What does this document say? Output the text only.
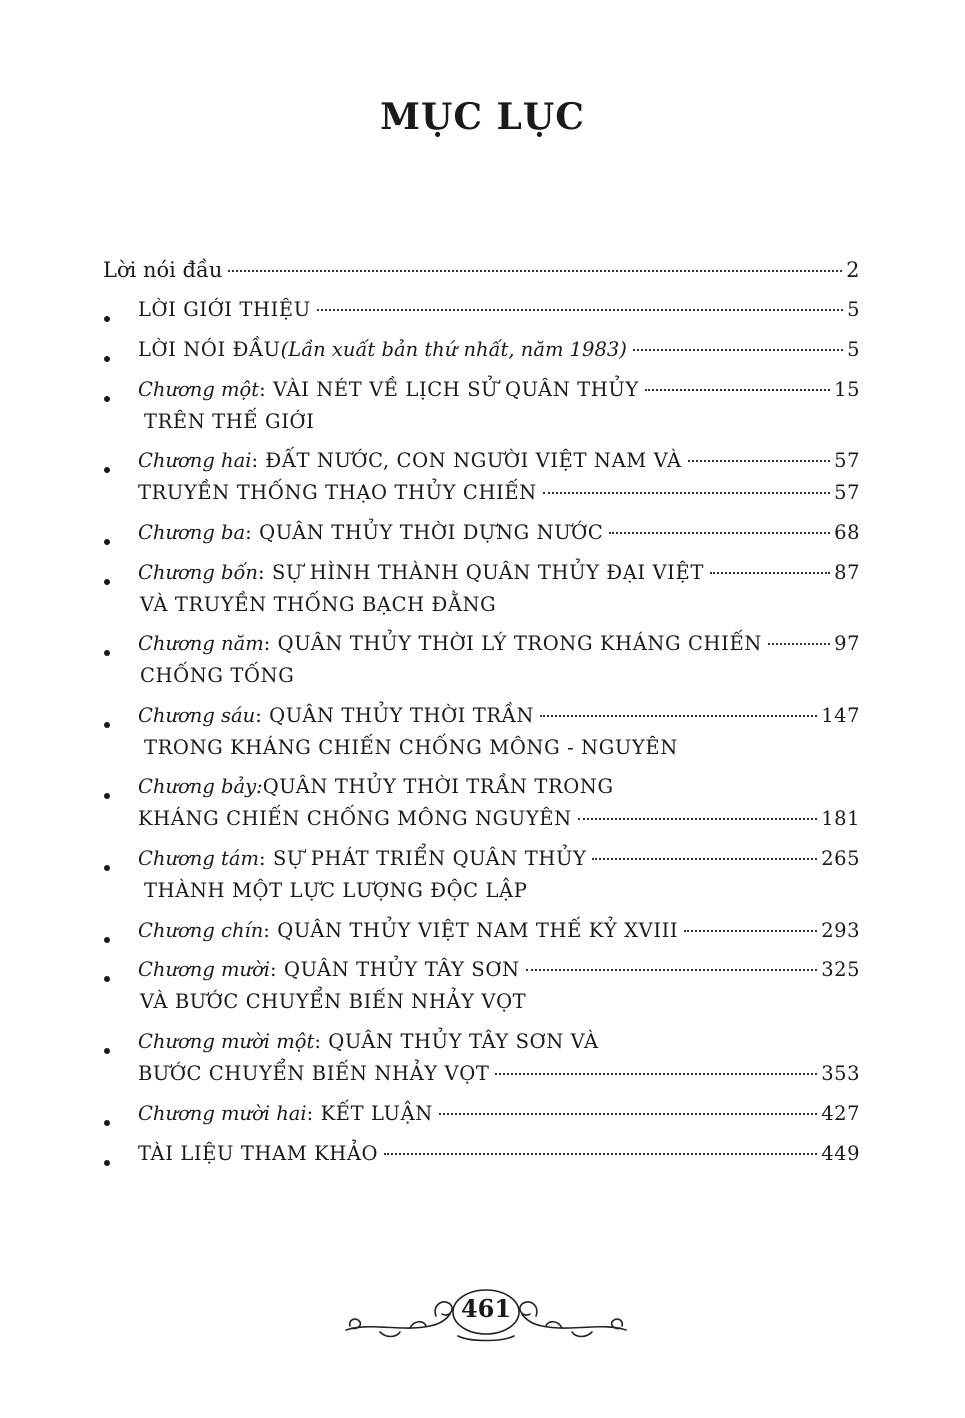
MỤC LỤC
Lời nói đầu	2
LỜI GIỚI THIỆU	5
LỜI NÓI ĐẦU (Lần xuất bản thứ nhất, năm 1983)	5
Chương một : VÀI NÉT VỀ LỊCH SỬ QUÂN THỦY	15
TRÊN THẾ GIỚI
Chương hai : ĐẤT NƯỚC, CON NGƯỜI VIỆT NAM VÀ	57
TRUYỀN THỐNG THẠO THỦY CHIẾN	57
Chương ba : QUÂN THỦY THỜI DỰNG NƯỚC	68
Chương bốn : SỰ HÌNH THÀNH QUÂN THỦY ĐẠI VIỆT	87
VÀ TRUYỀN THỐNG BẠCH ĐẰNG
Chương năm : QUÂN THỦY THỜI LÝ TRONG KHÁNG CHIẾN	97
CHỐNG TỐNG
Chương sáu : QUÂN THỦY THỜI TRẦN	147
TRONG KHÁNG CHIẾN CHỐNG MÔNG - NGUYÊN
Chương bảy: QUÂN THỦY THỜI TRẦN TRONG
KHÁNG CHIẾN CHỐNG MÔNG NGUYÊN	181
Chương tám : SỰ PHÁT TRIỂN QUÂN THỦY	265
THÀNH MỘT LỰC LƯỢNG ĐỘC LẬP
Chương chín : QUÂN THỦY VIỆT NAM THẾ KỶ XVIII	293
Chương mười : QUÂN THỦY TÂY SƠN	325
VÀ BƯỚC CHUYỂN BIẾN NHẢY VỌT
Chương mười một : QUÂN THỦY TÂY SƠN VÀ
BƯỚC CHUYỂN BIẾN NHẢY VỌT	353
Chương mười hai : KẾT LUẬN	427
TÀI LIỆU THAM KHẢO	449
461
